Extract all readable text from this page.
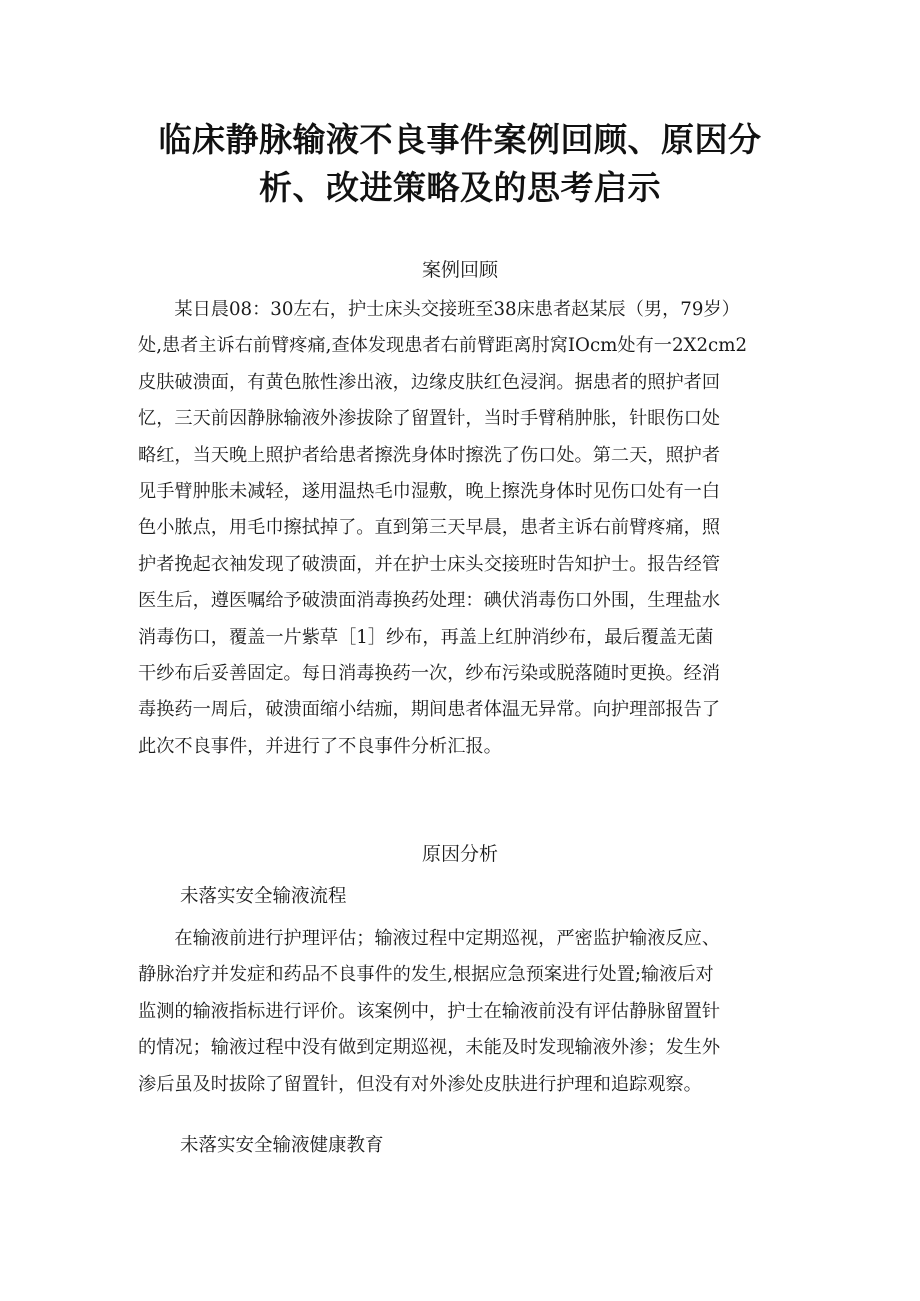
临床静脉输液不良事件案例回顾、原因分
析、改进策略及的思考启示
案例回顾
　　某日晨08：30左右，护士床头交接班至38床患者赵某辰（男，79岁）
处,患者主诉右前臂疼痛,查体发现患者右前臂距离肘窝IOcm处有一2X2cm2
皮肤破溃面，有黄色脓性渗出液，边缘皮肤红色浸润。据患者的照护者回
忆，三天前因静脉输液外渗拔除了留置针，当时手臂稍肿胀，针眼伤口处
略红，当天晚上照护者给患者擦洗身体时擦洗了伤口处。第二天，照护者
见手臂肿胀未减轻，遂用温热毛巾湿敷，晚上擦洗身体时见伤口处有一白
色小脓点，用毛巾擦拭掉了。直到第三天早晨，患者主诉右前臂疼痛，照
护者挽起衣袖发现了破溃面，并在护士床头交接班时告知护士。报告经管
医生后，遵医嘱给予破溃面消毒换药处理：碘伏消毒伤口外围，生理盐水
消毒伤口，覆盖一片紫草［1］纱布，再盖上红肿消纱布，最后覆盖无菌
干纱布后妥善固定。每日消毒换药一次，纱布污染或脱落随时更换。经消
毒换药一周后，破溃面缩小结痂，期间患者体温无异常。向护理部报告了
此次不良事件，并进行了不良事件分析汇报。
原因分析
未落实安全输液流程
　　在输液前进行护理评估；输液过程中定期巡视，严密监护输液反应、
静脉治疗并发症和药品不良事件的发生,根据应急预案进行处置;输液后对
监测的输液指标进行评价。该案例中，护士在输液前没有评估静脉留置针
的情况；输液过程中没有做到定期巡视，未能及时发现输液外渗；发生外
渗后虽及时拔除了留置针，但没有对外渗处皮肤进行护理和追踪观察。
未落实安全输液健康教育
